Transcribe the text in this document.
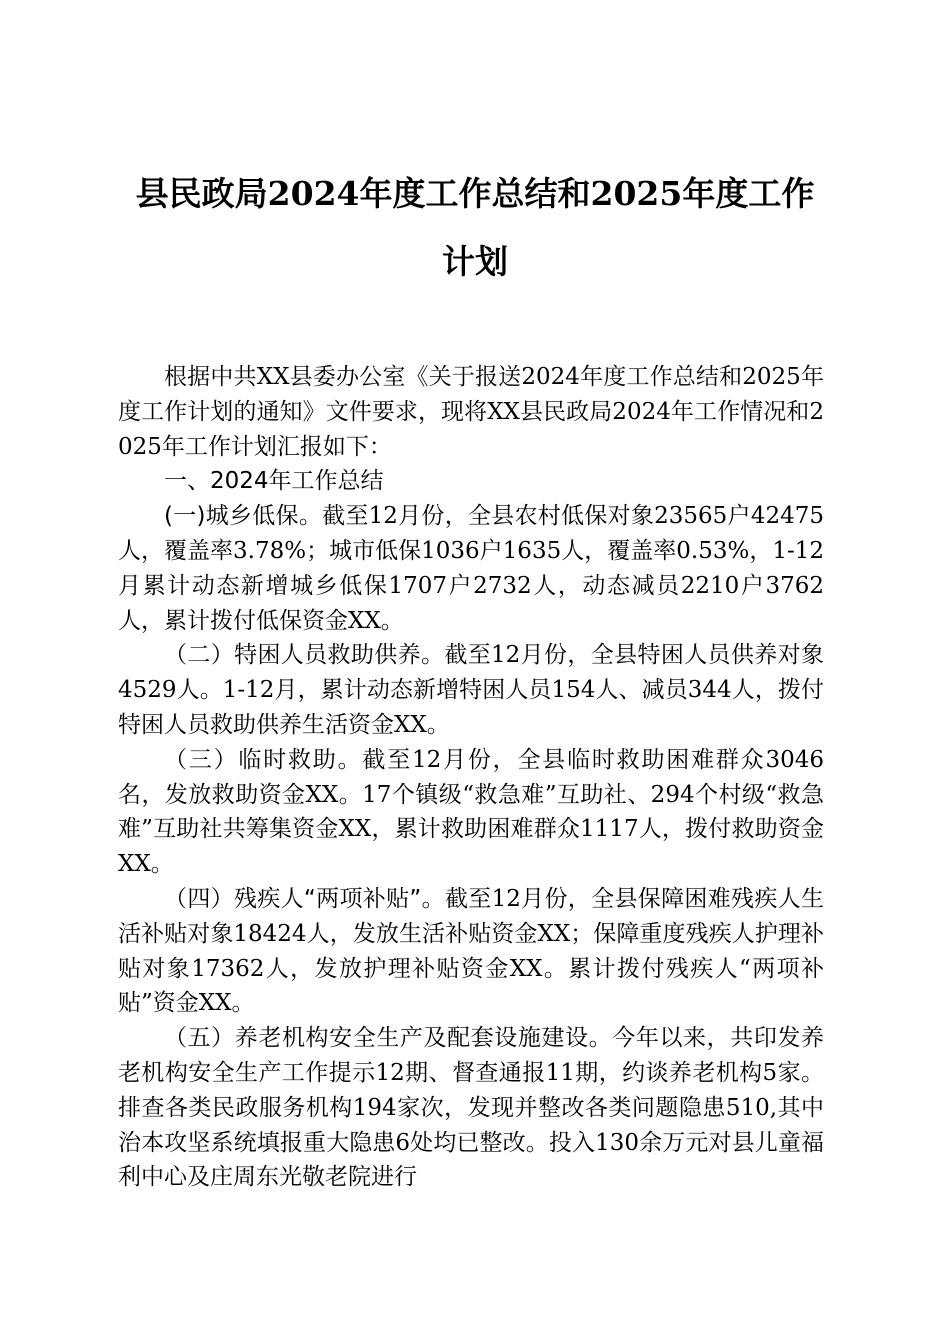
县民政局2024年度工作总结和2025年度工作
计划

根据中共XX县委办公室《关于报送2024年度工作总结和2025年度工作计划的通知》文件要求，现将XX县民政局2024年工作情况和2025年工作计划汇报如下：

一、2024年工作总结

(一)城乡低保。截至12月份，全县农村低保对象23565户42475人，覆盖率3.78%；城市低保1036户1635人，覆盖率0.53%，1-12月累计动态新增城乡低保1707户2732人，动态减员2210户3762人，累计拨付低保资金XX。

（二）特困人员救助供养。截至12月份，全县特困人员供养对象4529人。1-12月，累计动态新增特困人员154人、减员344人，拨付特困人员救助供养生活资金XX。

（三）临时救助。截至12月份，全县临时救助困难群众3046名，发放救助资金XX。17个镇级“救急难”互助社、294个村级“救急难”互助社共筹集资金XX，累计救助困难群众1117人，拨付救助资金XX。

（四）残疾人“两项补贴”。截至12月份，全县保障困难残疾人生活补贴对象18424人，发放生活补贴资金XX；保障重度残疾人护理补贴对象17362人，发放护理补贴资金XX。累计拨付残疾人“两项补贴”资金XX。

（五）养老机构安全生产及配套设施建设。今年以来，共印发养老机构安全生产工作提示12期、督查通报11期，约谈养老机构5家。排查各类民政服务机构194家次，发现并整改各类问题隐患510,其中治本攻坚系统填报重大隐患6处均已整改。投入130余万元对县儿童福利中心及庄周东光敬老院进行
